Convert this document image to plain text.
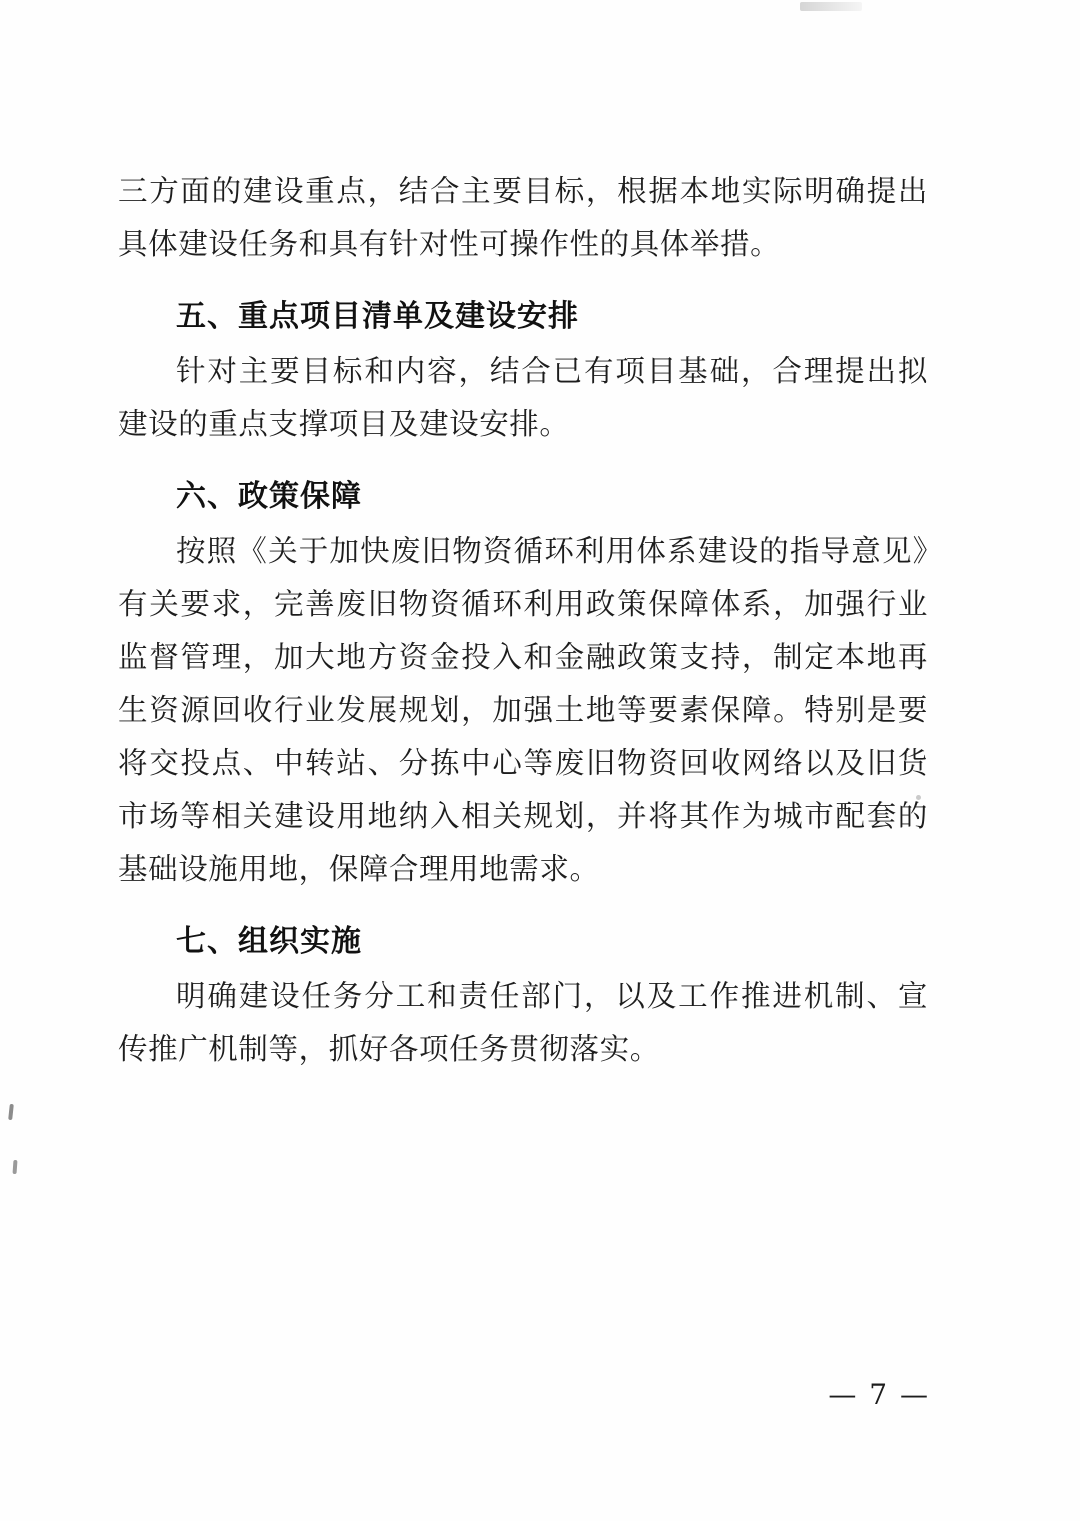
三方面的建设重点，结合主要目标，根据本地实际明确提出具体建设任务和具有针对性可操作性的具体举措。

五、重点项目清单及建设安排

针对主要目标和内容，结合已有项目基础，合理提出拟建设的重点支撑项目及建设安排。

六、政策保障

按照《关于加快废旧物资循环利用体系建设的指导意见》有关要求，完善废旧物资循环利用政策保障体系，加强行业监督管理，加大地方资金投入和金融政策支持，制定本地再生资源回收行业发展规划，加强土地等要素保障。特别是要将交投点、中转站、分拣中心等废旧物资回收网络以及旧货市场等相关建设用地纳入相关规划，并将其作为城市配套的基础设施用地，保障合理用地需求。

七、组织实施

明确建设任务分工和责任部门，以及工作推进机制、宣传推广机制等，抓好各项任务贯彻落实。

— 7 —
